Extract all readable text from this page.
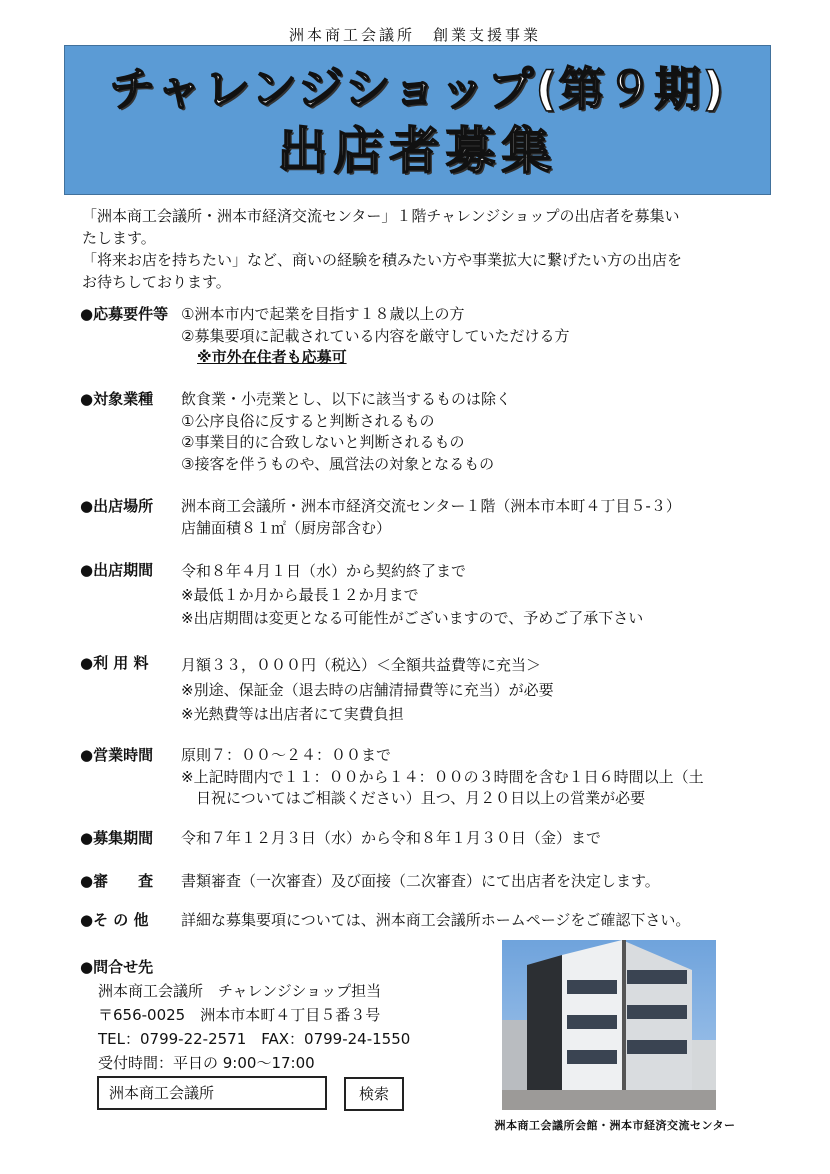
洲本商工会議所　創業支援事業
チャレンジショップ(第９期)
出店者募集
「洲本商工会議所・洲本市経済交流センター」１階チャレンジショップの出店者を募集い
たします。
「将来お店を持ちたい」など、商いの経験を積みたい方や事業拡大に繋げたい方の出店を
お待ちしております。
●応募要件等 ①洲本市内で起業を目指す１８歳以上の方
②募集要項に記載されている内容を厳守していただける方
※市外在住者も応募可
●対象業種 飲食業・小売業とし、以下に該当するものは除く
①公序良俗に反すると判断されるもの
②事業目的に合致しないと判断されるもの
③接客を伴うものや、風営法の対象となるもの
●出店場所 洲本商工会議所・洲本市経済交流センター１階（洲本市本町４丁目５-３）
店舗面積８１㎡（厨房部含む）
●出店期間 令和８年４月１日（水）から契約終了まで
※最低１か月から最長１２か月まで
※出店期間は変更となる可能性がございますので、予めご了承下さい
●利 用 料 月額３３，０００円（税込）＜全額共益費等に充当＞
※別途、保証金（退去時の店舗清掃費等に充当）が必要
※光熱費等は出店者にて実費負担
●営業時間 原則７：００～２４：００まで
※上記時間内で１１：００から１４：００の３時間を含む１日６時間以上（土
　日祝についてはご相談ください）且つ、月２０日以上の営業が必要
●募集期間 令和７年１２月３日（水）から令和８年１月３０日（金）まで
●審　　査 書類審査（一次審査）及び面接（二次審査）にて出店者を決定します。
●そ の 他 詳細な募集要項については、洲本商工会議所ホームページをご確認下さい。
●問合せ先
洲本商工会議所　チャレンジショップ担当
〒656-0025　洲本市本町４丁目５番３号
TEL：0799-22-2571　FAX：0799-24-1550
受付時間：平日の 9:00～17:00
洲本商工会議所	検索
洲本商工会議所会館・洲本市経済交流センター
